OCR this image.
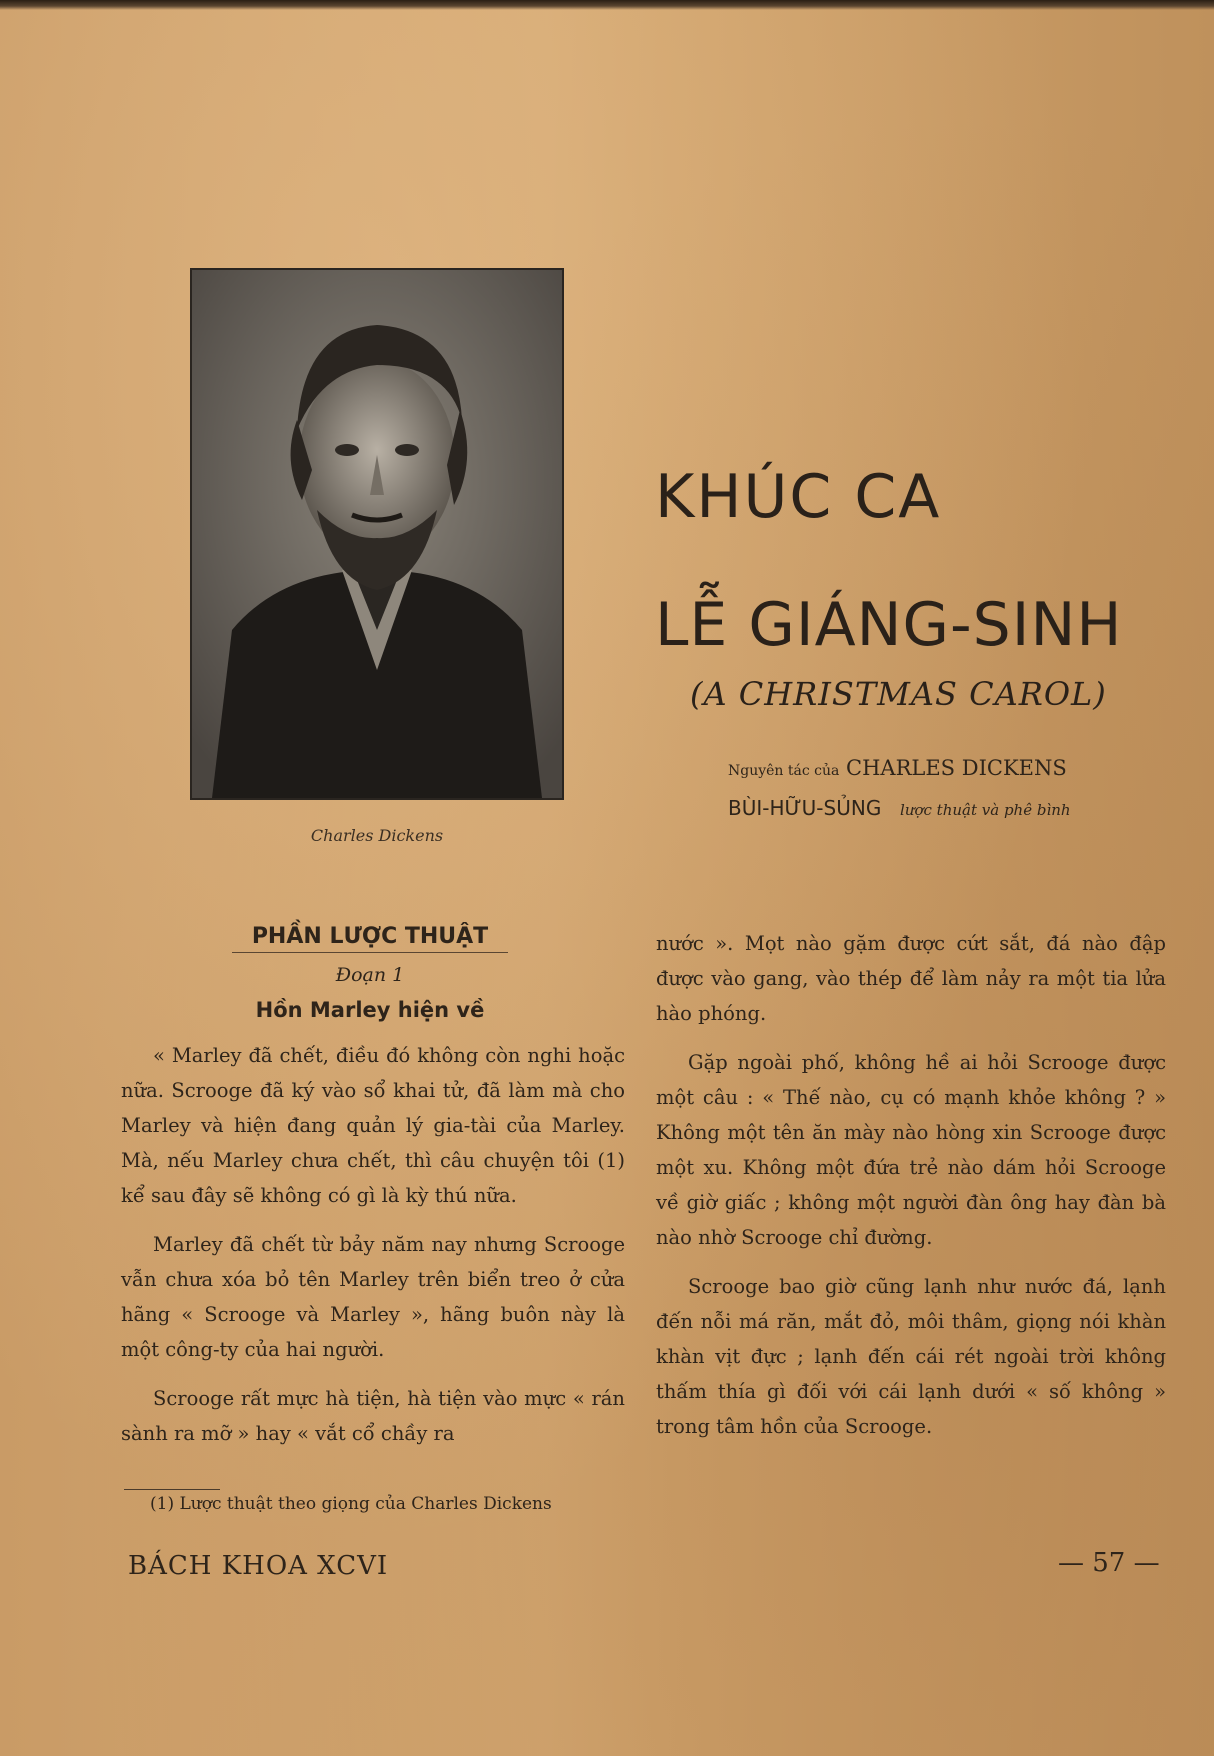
Charles Dickens
KHÚC CA
LỄ GIÁNG-SINH
(A CHRISTMAS CAROL)
Nguyên tác của CHARLES DICKENS
BÙI-HỮU-SỦNG lược thuật và phê bình
PHẦN LƯỢC THUẬT
Đoạn 1
Hồn Marley hiện về

« Marley đã chết, điều đó không còn nghi hoặc nữa. Scrooge đã ký vào sổ khai tử, đã làm mà cho Marley và hiện đang quản lý gia-tài của Marley. Mà, nếu Marley chưa chết, thì câu chuyện tôi (1) kể sau đây sẽ không có gì là kỳ thú nữa.

Marley đã chết từ bảy năm nay nhưng Scrooge vẫn chưa xóa bỏ tên Marley trên biển treo ở cửa hãng « Scrooge và Marley », hãng buôn này là một công-ty của hai người.

Scrooge rất mực hà tiện, hà tiện vào mực « rán sành ra mỡ » hay « vắt cổ chầy ra

nước ». Mọt nào gặm được cứt sắt, đá nào đập được vào gang, vào thép để làm nảy ra một tia lửa hào phóng.

Gặp ngoài phố, không hề ai hỏi Scrooge được một câu : « Thế nào, cụ có mạnh khỏe không ? » Không một tên ăn mày nào hòng xin Scrooge được một xu. Không một đứa trẻ nào dám hỏi Scrooge về giờ giấc ; không một người đàn ông hay đàn bà nào nhờ Scrooge chỉ đường.

Scrooge bao giờ cũng lạnh như nước đá, lạnh đến nỗi má răn, mắt đỏ, môi thâm, giọng nói khàn khàn vịt đực ; lạnh đến cái rét ngoài trời không thấm thía gì đối với cái lạnh dưới « số không » trong tâm hồn của Scrooge.

(1) Lược thuật theo giọng của Charles Dickens
BÁCH KHOA XCVI	— 57 —
